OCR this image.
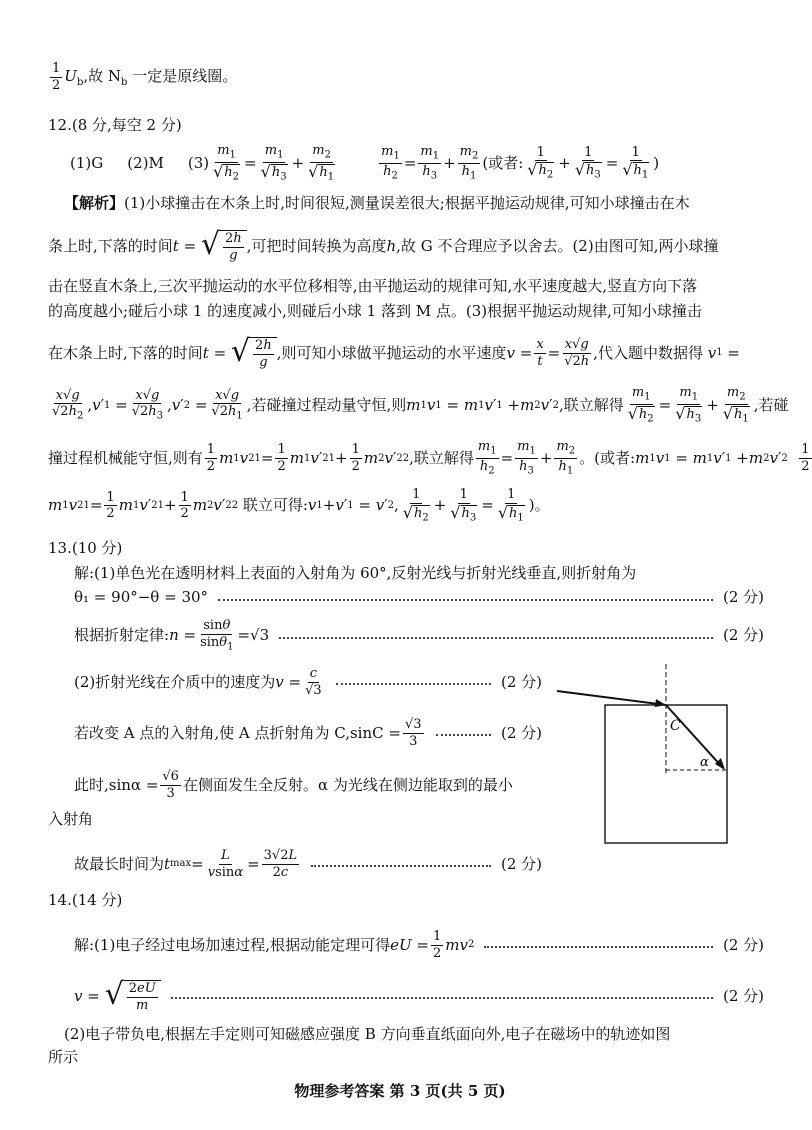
$\frac{1}{2} U_b$,故 $N_b$ 一定是原线圈。
12.(8 分,每空 2 分)
(1)G (2)M (3)
$m_1$
√ $h_2$
=
$m_1$
√ $h_3$
+
$m_2$
√ $h_1$
$m_1$
$h_2$
=
$m_1$
$h_3$
+
$m_2$
$h_1$
(或者:
1
√ $h_2$
+
1
√ $h_3$
=
1
√ $h_1$
)
【解析】(1)小球撞击在木条上时,时间很短,测量误差很大;根据平抛运动规律,可知小球撞击在木
条上时,下落的时间 t = √ $\frac{2h}{g}$ ,可把时间转换为高度 h ,故 G 不合理应予以舍去。(2)由图可知,两小球撞
击在竖直木条上,三次平抛运动的水平位移相等,由平抛运动的规律可知,水平速度越大,竖直方向下落
的高度越小;碰后小球 1 的速度减小,则碰后小球 1 落到 M 点。(3)根据平抛运动规律,可知小球撞击
在木条上时,下落的时间 t = √ $\frac{2h}{g}$ ,则可知小球做平抛运动的水平速度 v = x
t = x√g
√2h ,代入题中数据得
v 1 =
x√g
$√2h_2$
, v ′ 1 =
x√g
$√2h_3$
, v ′ 2 =
x√g
$√2h_1$
,若碰撞过程动量守恒,则 m 1 v 1 = m 1 v ′ 1 + m 2 v ′ 2 ,联立解得
$m_1$
√ $h_2$
=
$m_1$
√ $h_3$
+
$m_2$
√ $h_1$
,若碰
撞过程机械能守恒,则有 1
2 m 1 v 2 1 = 1
2 m 1 v ′ 2 1 + 1
2 m 2 v ′ 2 2 ,联立解得
$m_1$
$h_2$
=
$m_1$
$h_3$
+
$m_2$
$h_1$
。(或者: m 1 v 1 = m 1 v ′ 1 + m 2 v ′ 2

1
2
m 1 v 2 1 = 1
2 m 1 v ′ 2 1 + 1
2 m 2 v ′ 2 2
联立可得: v 1 + v ′ 1 = v ′ 2 ,
1
√ $h_2$
+
1
√ $h_3$
=
1
√ $h_1$
)。
13.(10 分)
解:(1)单色光在透明材料上表面的入射角为 60°,反射光线与折射光线垂直,则折射角为
θ₁ = 90°−θ = 30°	(2 分)
根据折射定律: n =
sinθ
sinθ$_1$
=√3	(2 分)
(2)折射光线在介质中的速度为 v = c
√3	(2 分)
若改变 A 点的入射角,使 A 点折射角为 $C,\sin C = \frac{√3}{3}$	(2 分)
此时$,\sin\alpha = \frac{√6}{3}$ 在侧面发生全反射。α 为光线在侧边能取到的最小
入射角
故最长时间为 t max = L
vsinα = 3√2L
2c	(2 分)
C
α
14.(14 分)
解:(1)电子经过电场加速过程,根据动能定理可得 eU = 1
2 mv 2	(2 分)
v = √ $\frac{2eU}{m}$	(2 分)
(2)电子带负电,根据左手定则可知磁感应强度 B 方向垂直纸面向外,电子在磁场中的轨迹如图
所示
物理参考答案 第 3 页(共 5 页)
